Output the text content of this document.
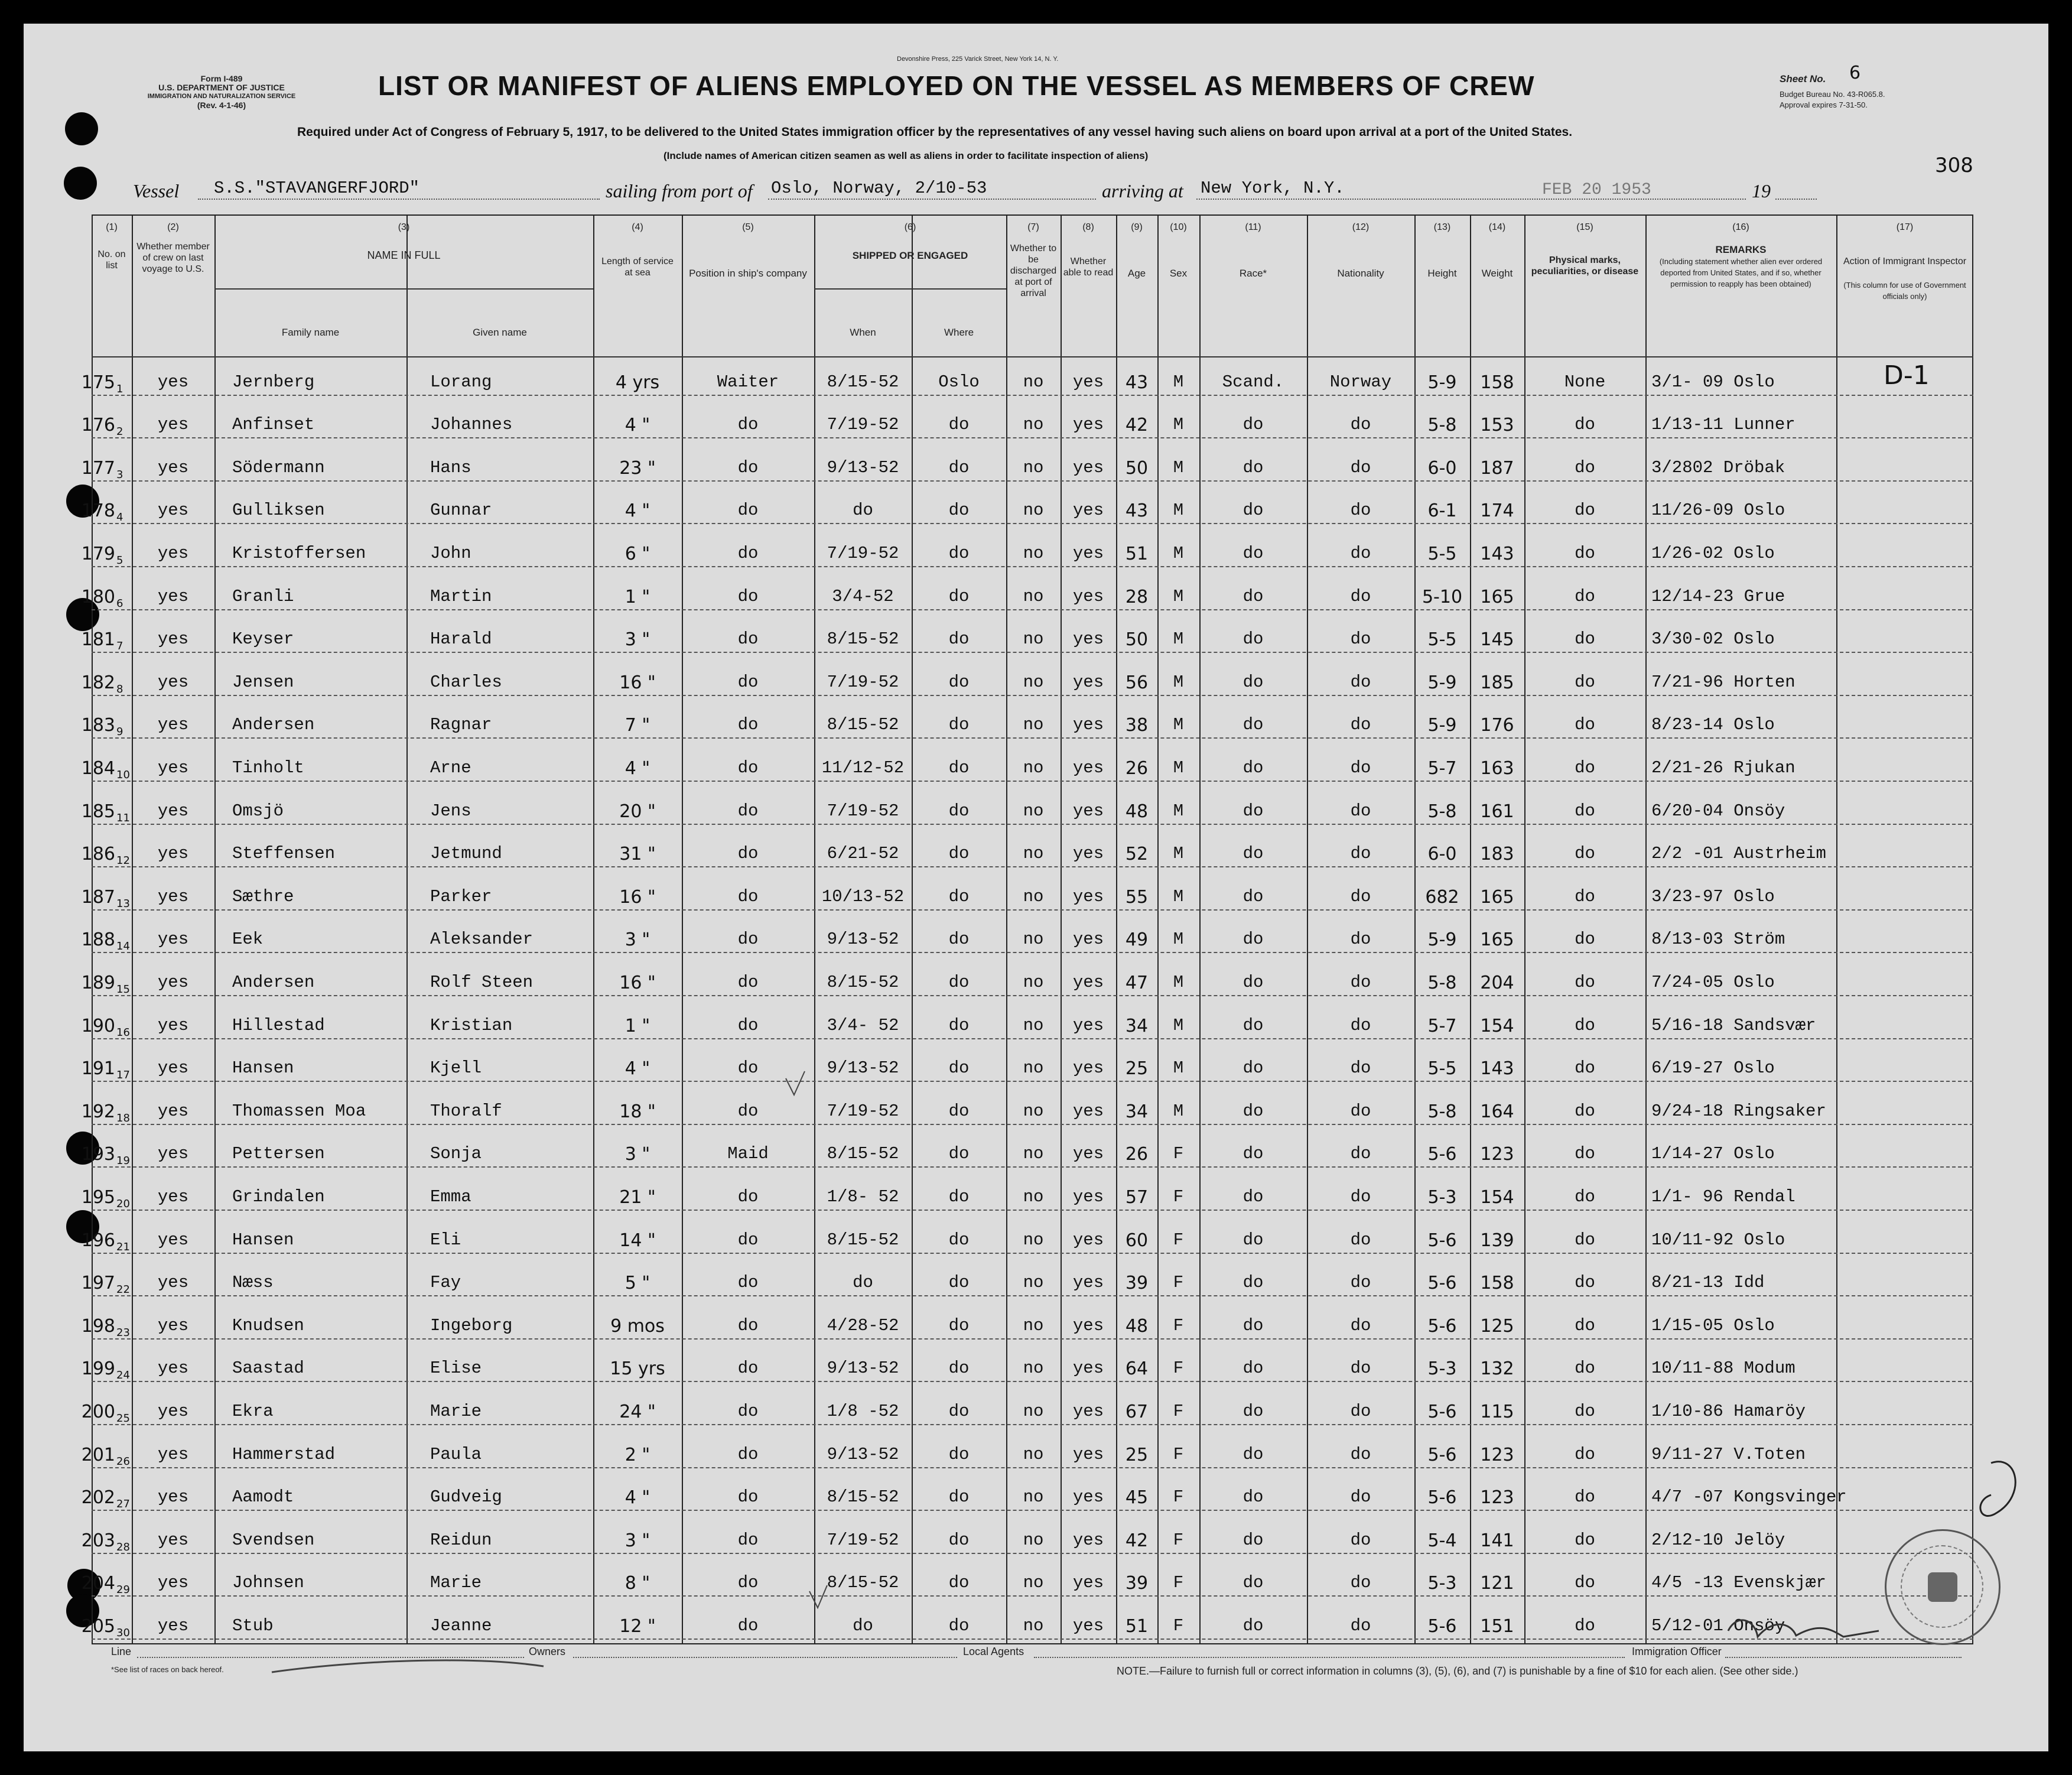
Form I-489
U.S. DEPARTMENT OF JUSTICE
IMMIGRATION AND NATURALIZATION SERVICE
(Rev. 4-1-46)
Devonshire Press, 225 Varick Street, New York 14, N. Y.
LIST OR MANIFEST OF ALIENS EMPLOYED ON THE VESSEL AS MEMBERS OF CREW	Sheet No. 6
Budget Bureau No. 43-R065.8.
Approval expires 7-31-50.
Required under Act of Congress of February 5, 1917, to be delivered to the United States immigration officer by the representatives of any vessel having such aliens on board upon arrival at a port of the United States.
(Include names of American citizen seamen as well as aliens in order to facilitate inspection of aliens)	308
Vessel S.S."STAVANGERFJORD"	sailing from port of Oslo, Norway, 2/10-53	arriving at New York, N.Y.	FEB 20 1953	19
(1)	(2)	(3)	(4)	(5)	(6)	(7)	(8)	(9)	(10)	(11)	(12)	(13)	(14)	(15)	(16)	(17)
No. on list
Whether member of crew on last voyage to U.S.
NAME IN FULL
Family name	Given name
Length of service at sea	Position in ship's company
SHIPPED OR ENGAGED
When	Where
Whether to be discharged at port of arrival
Whether able to read	Age	Sex	Race*	Nationality	Height	Weight
Physical marks, peculiarities, or disease
REMARKS
(Including statement whether alien ever ordered deported from United States, and if so, whether permission to reapply has been obtained)
Action of Immigrant Inspector
(This column for use of Government officials only)
175	yes	Jernberg	Lorang	4 yrs	Waiter	8/15-52	Oslo	no	yes	43	M	Scand.	Norway	5-9	158	None	3/1- 09 Oslo	D-1
1
176	yes	Anfinset	Johannes	4 "	do	7/19-52	do	no	yes	42	M	do	do	5-8	153	do	1/13-11 Lunner
2
177	yes	Södermann	Hans	23 "	do	9/13-52	do	no	yes	50	M	do	do	6-0	187	do	3/2802 Dröbak
3
178	yes	Gulliksen	Gunnar	4 "	do	do	do	no	yes	43	M	do	do	6-1	174	do	11/26-09 Oslo
4
179	yes	Kristoffersen	John	6 "	do	7/19-52	do	no	yes	51	M	do	do	5-5	143	do	1/26-02 Oslo
5
180	yes	Granli	Martin	1 "	do	3/4-52	do	no	yes	28	M	do	do	5-10	165	do	12/14-23 Grue
6
181	yes	Keyser	Harald	3 "	do	8/15-52	do	no	yes	50	M	do	do	5-5	145	do	3/30-02 Oslo
7
182	yes	Jensen	Charles	16 "	do	7/19-52	do	no	yes	56	M	do	do	5-9	185	do	7/21-96 Horten
8
183	yes	Andersen	Ragnar	7 "	do	8/15-52	do	no	yes	38	M	do	do	5-9	176	do	8/23-14 Oslo
9
184	yes	Tinholt	Arne	4 "	do	11/12-52	do	no	yes	26	M	do	do	5-7	163	do	2/21-26 Rjukan
10
185	yes	Omsjö	Jens	20 "	do	7/19-52	do	no	yes	48	M	do	do	5-8	161	do	6/20-04 Onsöy
11
186	yes	Steffensen	Jetmund	31 "	do	6/21-52	do	no	yes	52	M	do	do	6-0	183	do	2/2 -01 Austrheim
12
187	yes	Sæthre	Parker	16 "	do	10/13-52	do	no	yes	55	M	do	do	682	165	do	3/23-97 Oslo
13
188	yes	Eek	Aleksander	3 "	do	9/13-52	do	no	yes	49	M	do	do	5-9	165	do	8/13-03 Ström
14
189	yes	Andersen	Rolf Steen	16 "	do	8/15-52	do	no	yes	47	M	do	do	5-8	204	do	7/24-05 Oslo
15
190	yes	Hillestad	Kristian	1 "	do	3/4- 52	do	no	yes	34	M	do	do	5-7	154	do	5/16-18 Sandsvær
16
191	yes	Hansen	Kjell	4 "	do	9/13-52	do	no	yes	25	M	do	do	5-5	143	do	6/19-27 Oslo
17
192	yes	Thomassen Moa	Thoralf	18 "	do	7/19-52	do	no	yes	34	M	do	do	5-8	164	do	9/24-18 Ringsaker
18
193	yes	Pettersen	Sonja	3 "	Maid	8/15-52	do	no	yes	26	F	do	do	5-6	123	do	1/14-27 Oslo
19
195	yes	Grindalen	Emma	21 "	do	1/8- 52	do	no	yes	57	F	do	do	5-3	154	do	1/1- 96 Rendal
20
196	yes	Hansen	Eli	14 "	do	8/15-52	do	no	yes	60	F	do	do	5-6	139	do	10/11-92 Oslo
21
197	yes	Næss	Fay	5 "	do	do	do	no	yes	39	F	do	do	5-6	158	do	8/21-13 Idd
22
198	yes	Knudsen	Ingeborg	9 mos	do	4/28-52	do	no	yes	48	F	do	do	5-6	125	do	1/15-05 Oslo
23
199	yes	Saastad	Elise	15 yrs	do	9/13-52	do	no	yes	64	F	do	do	5-3	132	do	10/11-88 Modum
24
200	yes	Ekra	Marie	24 "	do	1/8 -52	do	no	yes	67	F	do	do	5-6	115	do	1/10-86 Hamaröy
25
201	yes	Hammerstad	Paula	2 "	do	9/13-52	do	no	yes	25	F	do	do	5-6	123	do	9/11-27 V.Toten
26
202	yes	Aamodt	Gudveig	4 "	do	8/15-52	do	no	yes	45	F	do	do	5-6	123	do	4/7 -07 Kongsvinger
27
203	yes	Svendsen	Reidun	3 "	do	7/19-52	do	no	yes	42	F	do	do	5-4	141	do	2/12-10 Jelöy
28
204	yes	Johnsen	Marie	8 "	do	8/15-52	do	no	yes	39	F	do	do	5-3	121	do	4/5 -13 Evenskjær
29
205	yes	Stub	Jeanne	12 "	do	do	do	no	yes	51	F	do	do	5-6	151	do	5/12-01 Onsöy
30
Line	Owners	Local Agents	Immigration Officer
*See list of races on back hereof.	NOTE.—Failure to furnish full or correct information in columns (3), (5), (6), and (7) is punishable by a fine of $10 for each alien. (See other side.)
